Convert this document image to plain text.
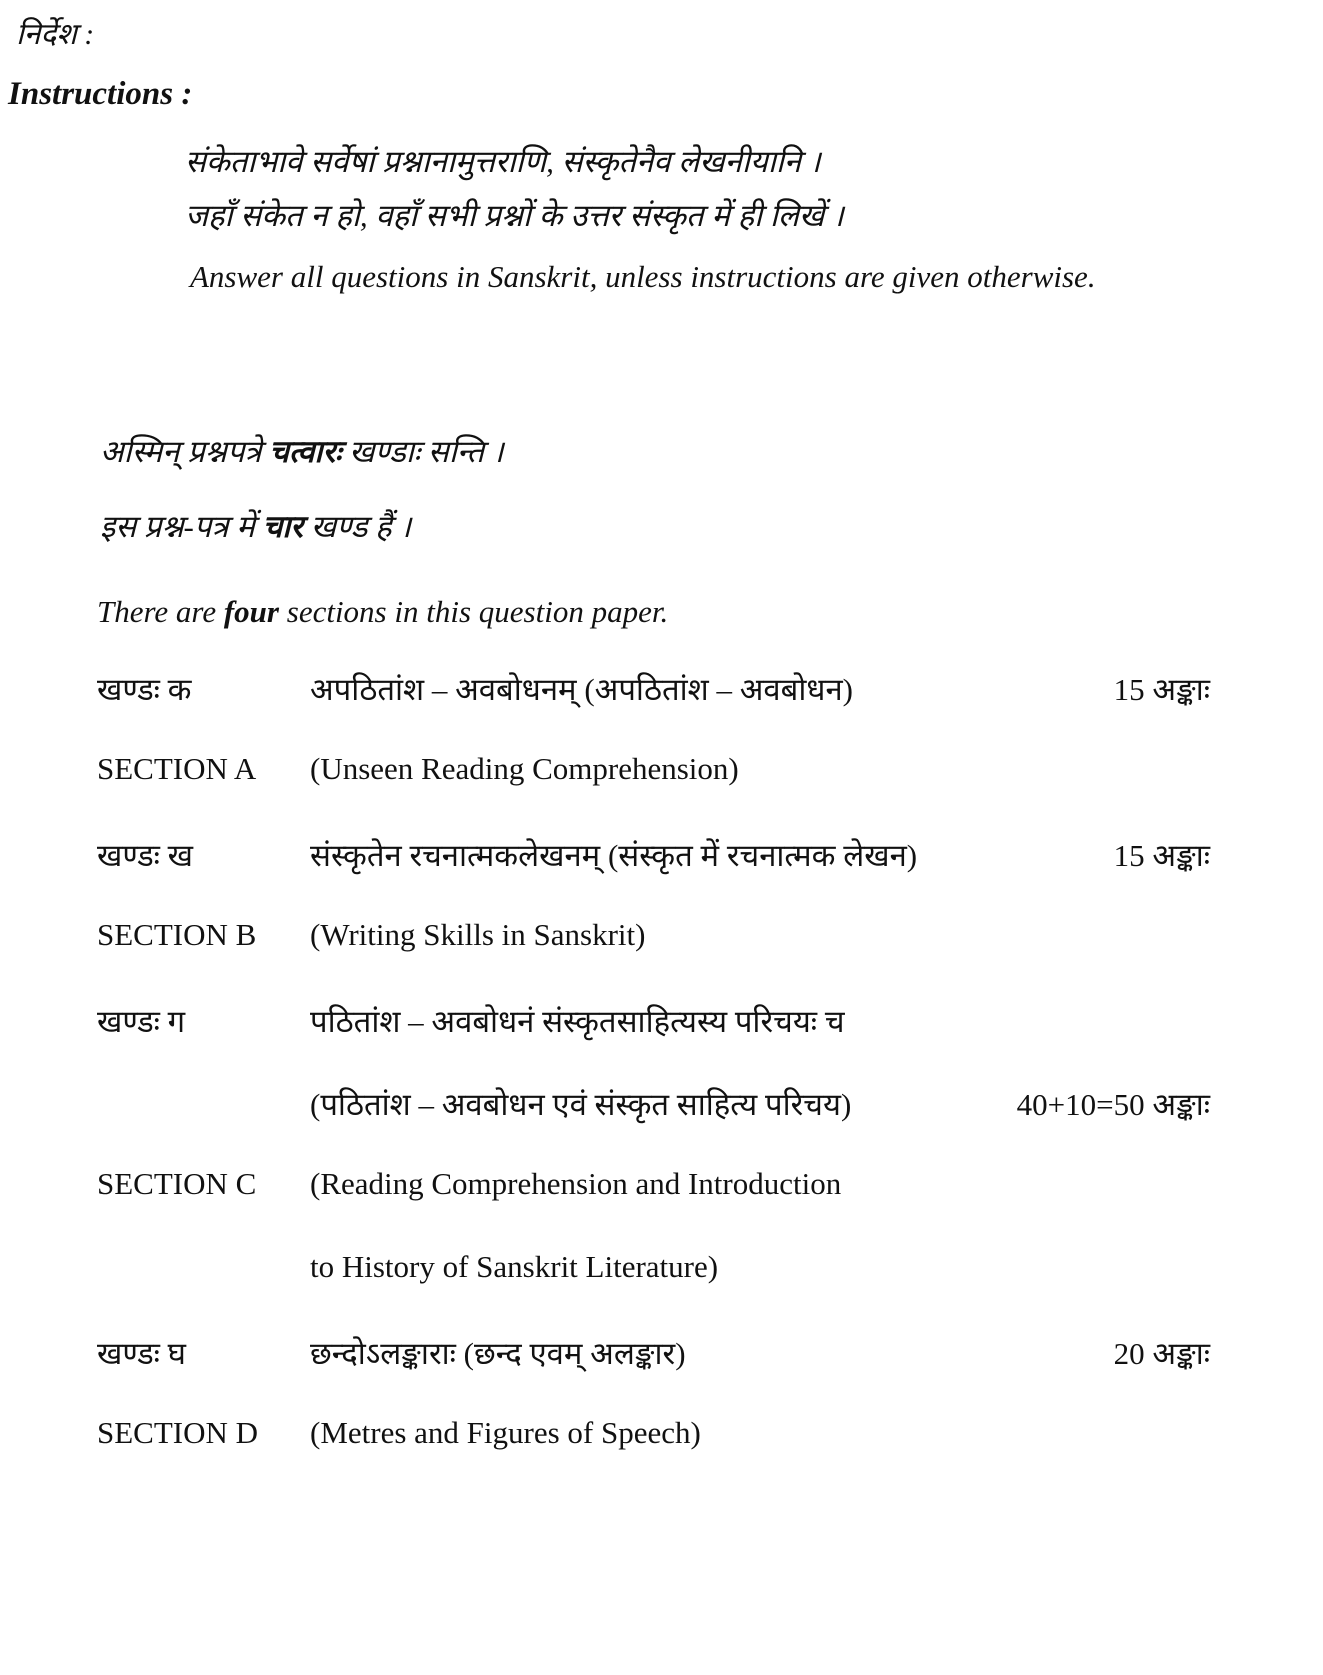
निर्देश :
Instructions :
संकेताभावे सर्वेषां प्रश्नानामुत्तराणि, संस्कृतेनैव लेखनीयानि ।
जहाँ संकेत न हो, वहाँ सभी प्रश्नों के उत्तर संस्कृत में ही लिखें ।
Answer all questions in Sanskrit, unless instructions are given otherwise.
अस्मिन् प्रश्नपत्रे चत्वारः खण्डाः सन्ति ।
इस प्रश्न-पत्र में चार खण्ड हैं ।
There are four sections in this question paper.
खण्डः क	अपठितांश – अवबोधनम् (अपठितांश – अवबोधन)	15 अङ्काः
SECTION A	(Unseen Reading Comprehension)
खण्डः ख	संस्कृतेन रचनात्मकलेखनम् (संस्कृत में रचनात्मक लेखन)	15 अङ्काः
SECTION B	(Writing Skills in Sanskrit)
खण्डः ग	पठितांश – अवबोधनं संस्कृतसाहित्यस्य परिचयः च
(पठितांश – अवबोधन एवं संस्कृत साहित्य परिचय)	40+10=50 अङ्काः
SECTION C	(Reading Comprehension and Introduction
to History of Sanskrit Literature)
खण्डः घ	छन्दोऽलङ्काराः (छन्द एवम् अलङ्कार)	20 अङ्काः
SECTION D	(Metres and Figures of Speech)
